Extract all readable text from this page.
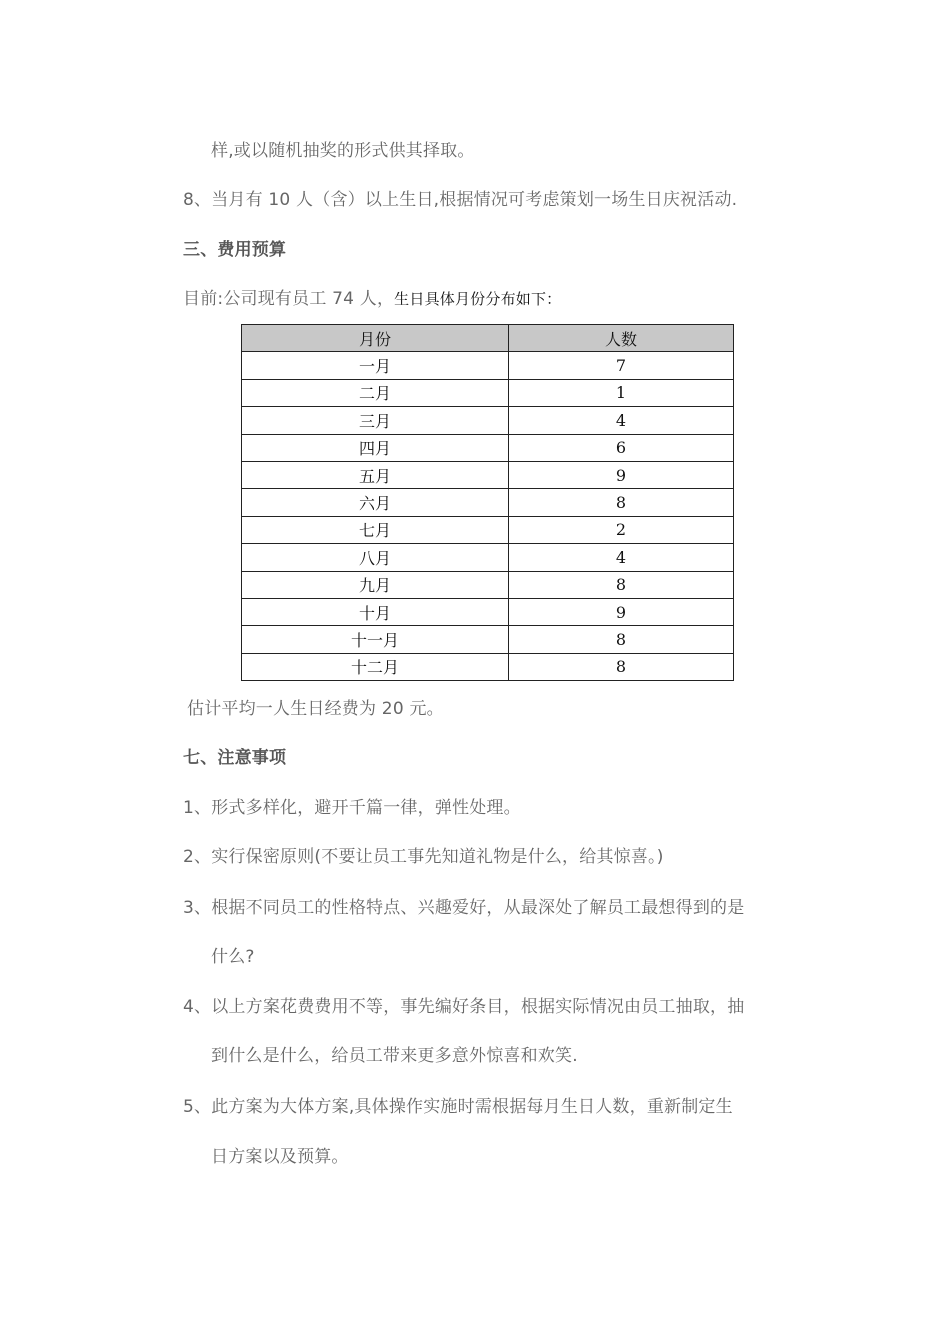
样,或以随机抽奖的形式供其择取。
8、当月有 10 人（含）以上生日,根据情况可考虑策划一场生日庆祝活动.
三、费用预算
目前:公司现有员工 74 人，生日具体月份分布如下：
月份	人数
一月	7
二月	1
三月	4
四月	6
五月	9
六月	8
七月	2
八月	4
九月	8
十月	9
十一月	8
十二月	8
估计平均一人生日经费为 20 元。
七、注意事项
1、形式多样化，避开千篇一律，弹性处理。
2、实行保密原则(不要让员工事先知道礼物是什么，给其惊喜。)
3、根据不同员工的性格特点、兴趣爱好，从最深处了解员工最想得到的是
什么?
4、以上方案花费费用不等，事先编好条目，根据实际情况由员工抽取，抽
到什么是什么，给员工带来更多意外惊喜和欢笑.
5、此方案为大体方案,具体操作实施时需根据每月生日人数，重新制定生
日方案以及预算。
